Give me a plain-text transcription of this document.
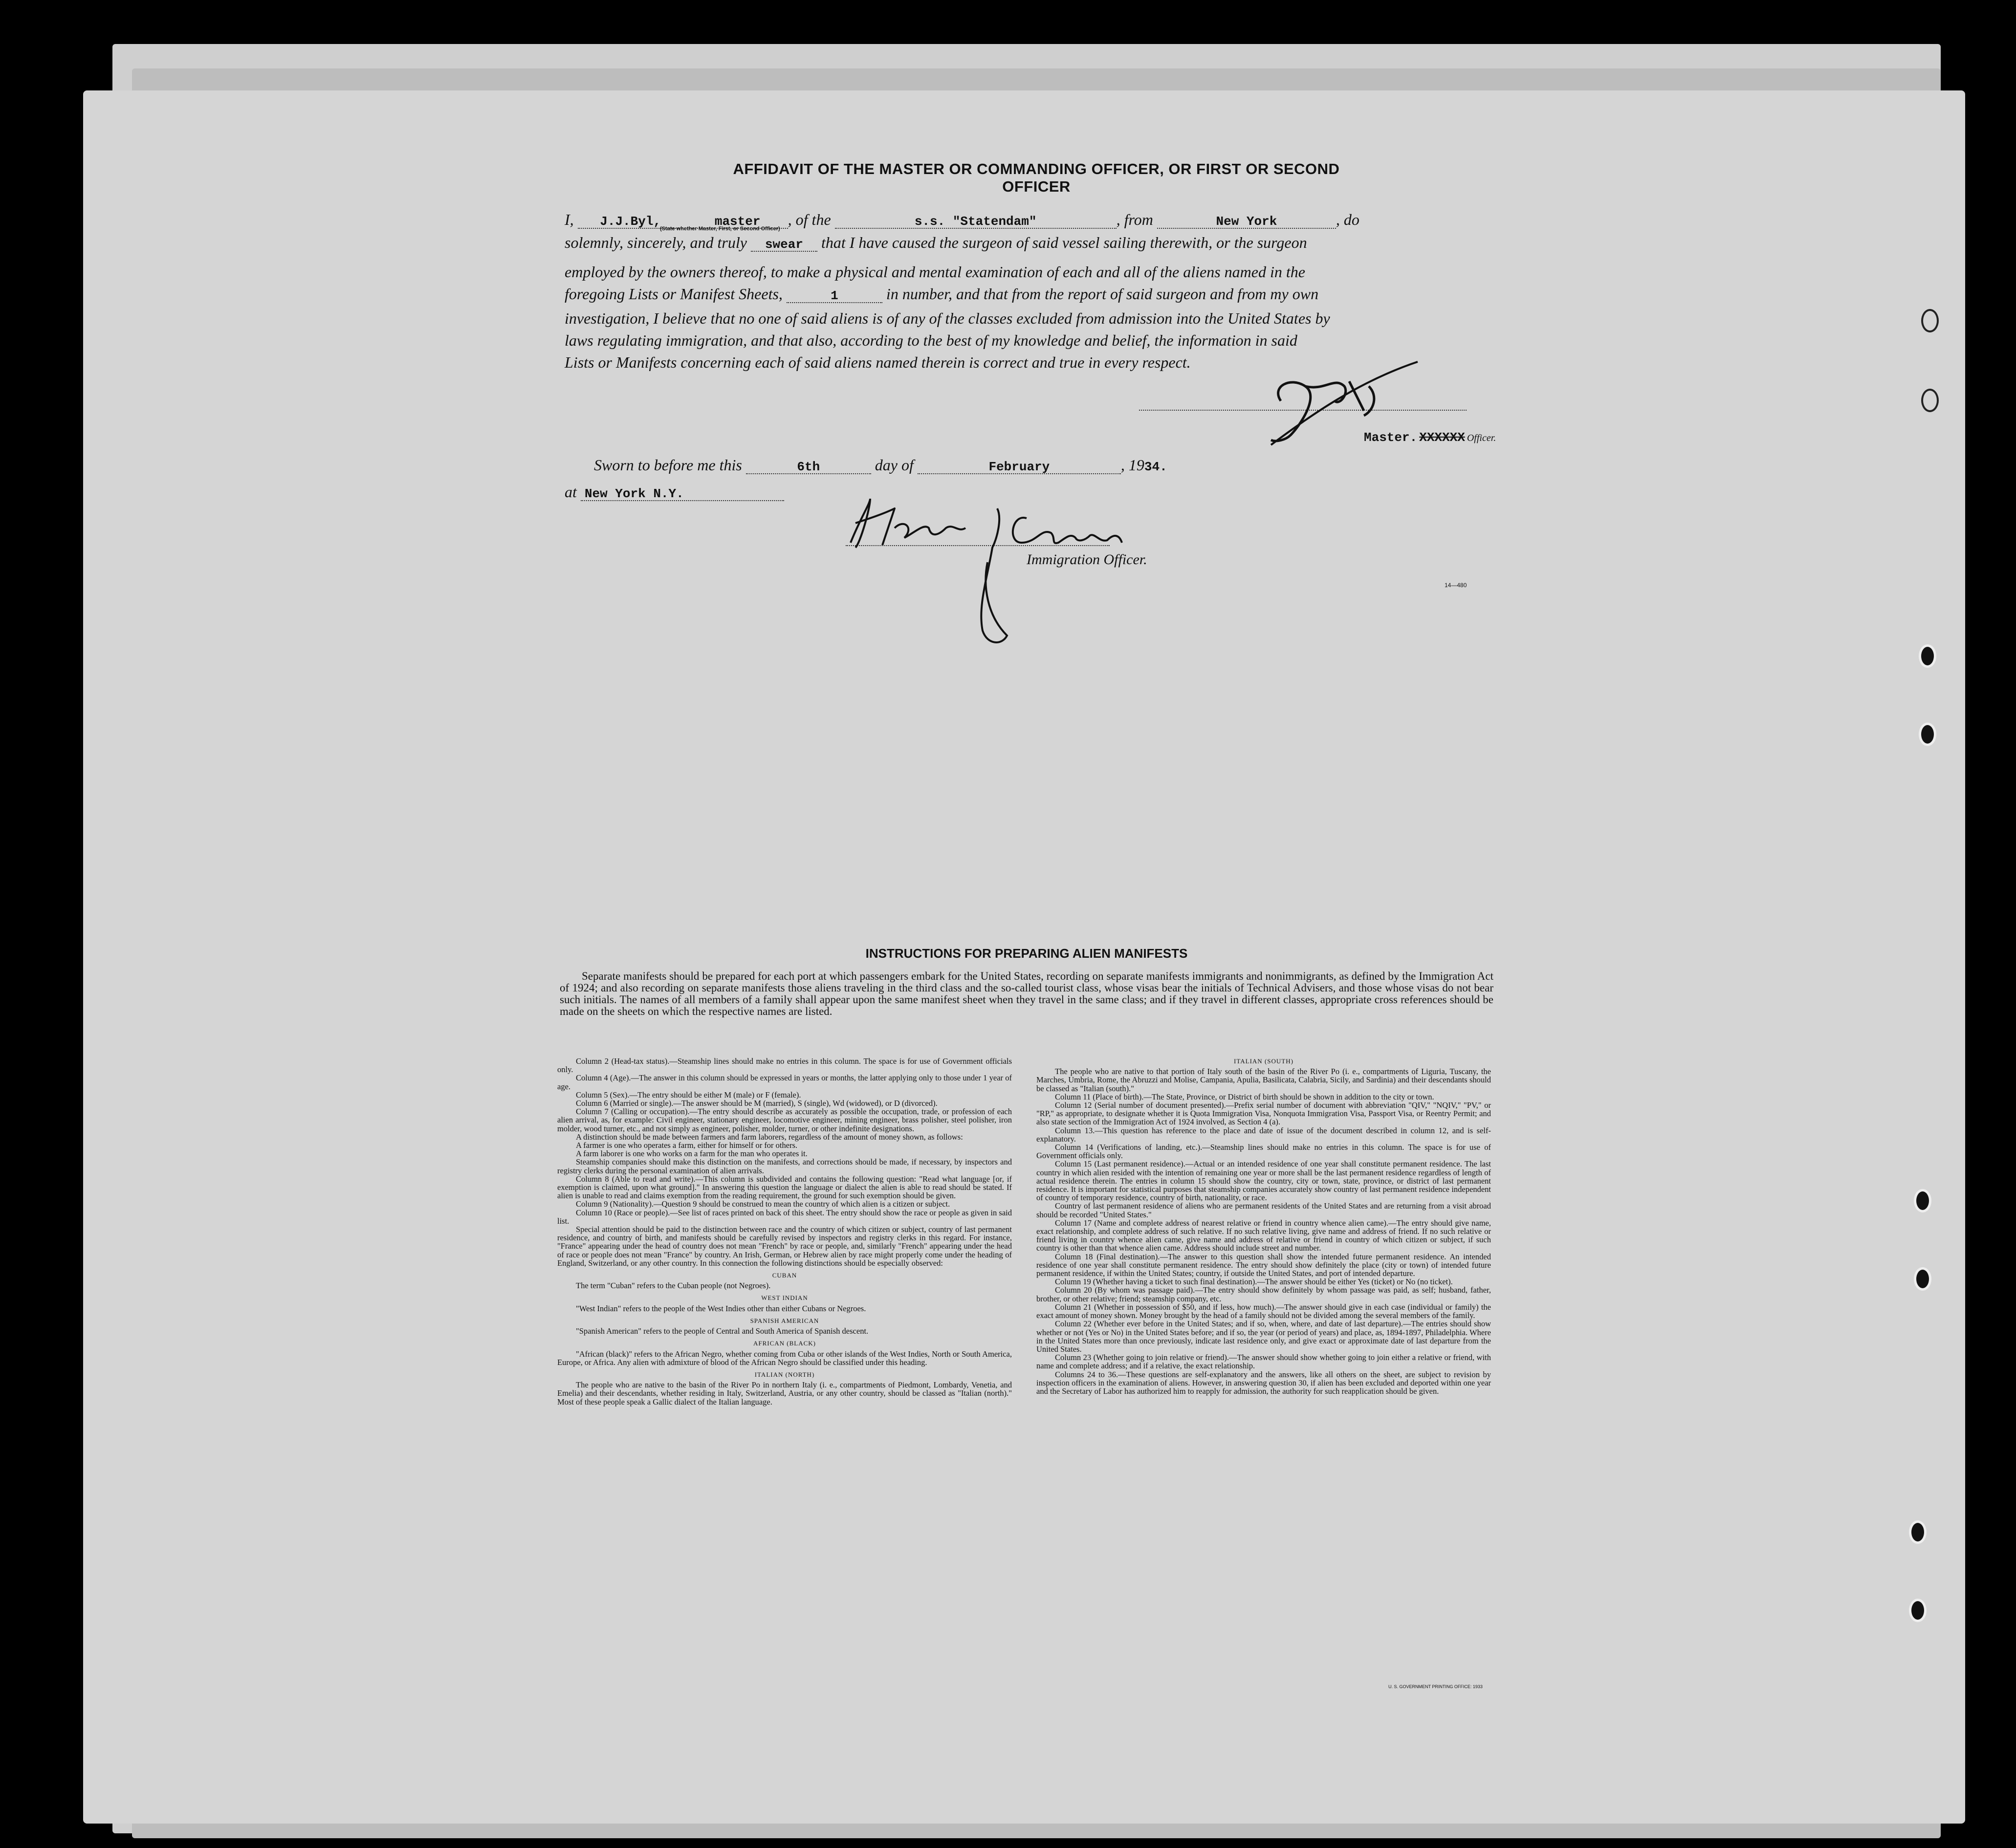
AFFIDAVIT OF THE MASTER OR COMMANDING OFFICER, OR FIRST OR SECOND OFFICER
I, J.J.Byl,	master , of the	s.s. "Statendam"	, from	New York	, do
(State whether Master, First, or Second Officer)
solemnly, sincerely, and truly swear that I have caused the surgeon of said vessel sailing therewith, or the surgeon
employed by the owners thereof, to make a physical and mental examination of each and all of the aliens named in the
foregoing Lists or Manifest Sheets,	1	in number, and that from the report of said surgeon and from my own
investigation, I believe that no one of said aliens is of any of the classes excluded from admission into the United States by
laws regulating immigration, and that also, according to the best of my knowledge and belief, the information in said
Lists or Manifests concerning each of said aliens named therein is correct and true in every respect.
Master. XXXXXX Officer.
Sworn to before me this	6th	day of	February	, 1934.
at New York N.Y.
Immigration Officer.
14—480
INSTRUCTIONS FOR PREPARING ALIEN MANIFESTS
Separate manifests should be prepared for each port at which passengers embark for the United States, recording on separate manifests immigrants and nonimmigrants, as defined by the Immigration Act of 1924; and also recording on separate manifests those aliens traveling in the third class and the so-called tourist class, whose visas bear the initials of Technical Advisers, and those whose visas do not bear such initials. The names of all members of a family shall appear upon the same manifest sheet when they travel in the same class; and if they travel in different classes, appropriate cross references should be made on the sheets on which the respective names are listed.

Column 2 (Head-tax status).—Steamship lines should make no entries in this column. The space is for use of Government officials only.

Column 4 (Age).—The answer in this column should be expressed in years or months, the latter applying only to those under 1 year of age.

Column 5 (Sex).—The entry should be either M (male) or F (female).

Column 6 (Married or single).—The answer should be M (married), S (single), Wd (widowed), or D (divorced).

Column 7 (Calling or occupation).—The entry should describe as accurately as possible the occupation, trade, or profession of each alien arrival, as, for example: Civil engineer, stationary engineer, locomotive engineer, mining engineer, brass polisher, steel polisher, iron molder, wood turner, etc., and not simply as engineer, polisher, molder, turner, or other indefinite designations.

A distinction should be made between farmers and farm laborers, regardless of the amount of money shown, as follows:

A farmer is one who operates a farm, either for himself or for others.

A farm laborer is one who works on a farm for the man who operates it.

Steamship companies should make this distinction on the manifests, and corrections should be made, if necessary, by inspectors and registry clerks during the personal examination of alien arrivals.

Column 8 (Able to read and write).—This column is subdivided and contains the following question: "Read what language [or, if exemption is claimed, upon what ground]." In answering this question the language or dialect the alien is able to read should be stated. If alien is unable to read and claims exemption from the reading requirement, the ground for such exemption should be given.

Column 9 (Nationality).—Question 9 should be construed to mean the country of which alien is a citizen or subject.

Column 10 (Race or people).—See list of races printed on back of this sheet. The entry should show the race or people as given in said list.

Special attention should be paid to the distinction between race and the country of which citizen or subject, country of last permanent residence, and country of birth, and manifests should be carefully revised by inspectors and registry clerks in this regard. For instance, "France" appearing under the head of country does not mean "French" by race or people, and, similarly "French" appearing under the head of race or people does not mean "France" by country. An Irish, German, or Hebrew alien by race might properly come under the heading of England, Switzerland, or any other country. In this connection the following distinctions should be especially observed:

CUBAN

The term "Cuban" refers to the Cuban people (not Negroes).

WEST INDIAN

"West Indian" refers to the people of the West Indies other than either Cubans or Negroes.

SPANISH AMERICAN

"Spanish American" refers to the people of Central and South America of Spanish descent.

AFRICAN (BLACK)

"African (black)" refers to the African Negro, whether coming from Cuba or other islands of the West Indies, North or South America, Europe, or Africa. Any alien with admixture of blood of the African Negro should be classified under this heading.

ITALIAN (NORTH)

The people who are native to the basin of the River Po in northern Italy (i. e., compartments of Piedmont, Lombardy, Venetia, and Emelia) and their descendants, whether residing in Italy, Switzerland, Austria, or any other country, should be classed as "Italian (north)." Most of these people speak a Gallic dialect of the Italian language.

ITALIAN (SOUTH)

The people who are native to that portion of Italy south of the basin of the River Po (i. e., compartments of Liguria, Tuscany, the Marches, Umbria, Rome, the Abruzzi and Molise, Campania, Apulia, Basilicata, Calabria, Sicily, and Sardinia) and their descendants should be classed as "Italian (south)."

Column 11 (Place of birth).—The State, Province, or District of birth should be shown in addition to the city or town.

Column 12 (Serial number of document presented).—Prefix serial number of document with abbreviation "QIV," "NQIV," "PV," or "RP," as appropriate, to designate whether it is Quota Immigration Visa, Nonquota Immigration Visa, Passport Visa, or Reentry Permit; and also state section of the Immigration Act of 1924 involved, as Section 4 (a).

Column 13.—This question has reference to the place and date of issue of the document described in column 12, and is self-explanatory.

Column 14 (Verifications of landing, etc.).—Steamship lines should make no entries in this column. The space is for use of Government officials only.

Column 15 (Last permanent residence).—Actual or an intended residence of one year shall constitute permanent residence. The last country in which alien resided with the intention of remaining one year or more shall be the last permanent residence regardless of length of actual residence therein. The entries in column 15 should show the country, city or town, state, province, or district of last permanent residence. It is important for statistical purposes that steamship companies accurately show country of last permanent residence independent of country of temporary residence, country of birth, nationality, or race.

Country of last permanent residence of aliens who are permanent residents of the United States and are returning from a visit abroad should be recorded "United States."

Column 17 (Name and complete address of nearest relative or friend in country whence alien came).—The entry should give name, exact relationship, and complete address of such relative. If no such relative living, give name and address of friend. If no such relative or friend living in country whence alien came, give name and address of relative or friend in country of which citizen or subject, if such country is other than that whence alien came. Address should include street and number.

Column 18 (Final destination).—The answer to this question shall show the intended future permanent residence. An intended residence of one year shall constitute permanent residence. The entry should show definitely the place (city or town) of intended future permanent residence, if within the United States; country, if outside the United States, and port of intended departure.

Column 19 (Whether having a ticket to such final destination).—The answer should be either Yes (ticket) or No (no ticket).

Column 20 (By whom was passage paid).—The entry should show definitely by whom passage was paid, as self; husband, father, brother, or other relative; friend; steamship company, etc.

Column 21 (Whether in possession of $50, and if less, how much).—The answer should give in each case (individual or family) the exact amount of money shown. Money brought by the head of a family should not be divided among the several members of the family.

Column 22 (Whether ever before in the United States; and if so, when, where, and date of last departure).—The entries should show whether or not (Yes or No) in the United States before; and if so, the year (or period of years) and place, as, 1894-1897, Philadelphia. Where in the United States more than once previously, indicate last residence only, and give exact or approximate date of last departure from the United States.

Column 23 (Whether going to join relative or friend).—The answer should show whether going to join either a relative or friend, with name and complete address; and if a relative, the exact relationship.

Columns 24 to 36.—These questions are self-explanatory and the answers, like all others on the sheet, are subject to revision by inspection officers in the examination of aliens. However, in answering question 30, if alien has been excluded and deported within one year and the Secretary of Labor has authorized him to reapply for admission, the authority for such reapplication should be given.

U. S. GOVERNMENT PRINTING OFFICE: 1933
